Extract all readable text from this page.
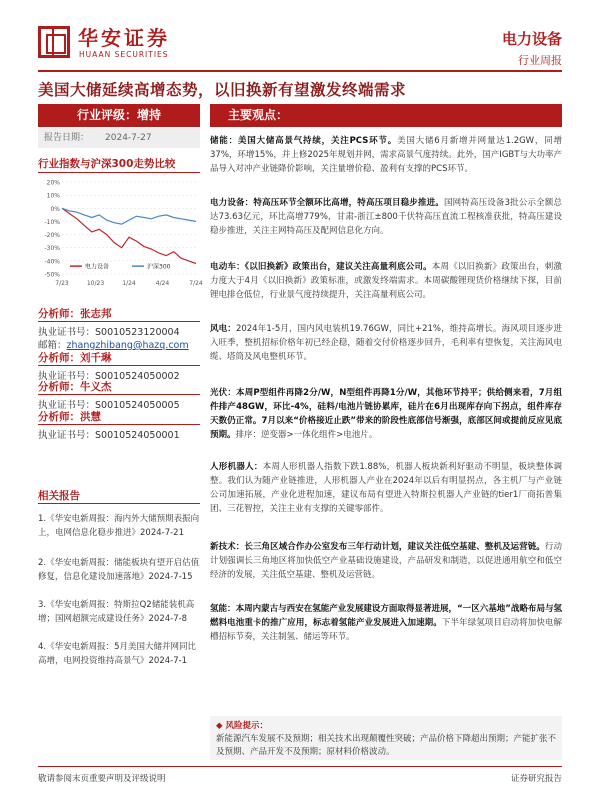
华安证券
HUAAN SECURITIES
电力设备
行业周报
美国大储延续高增态势，以旧换新有望激发终端需求
行业评级：增持
报告日期： 2024-7-27
行业指数与沪深300走势比较
20%
10%
0%
-10%
-20%
-30%
-40%
-50%
7/23	10/23	1/24	4/24	7/24
电力设备	沪深300
分析师：张志邦
执业证书号：S0010523120004
邮箱：zhangzhibang@hazq.com
分析师：刘千琳
执业证书号：S0010524050002
分析师：牛义杰
执业证书号：S0010524050005
分析师：洪慧
执业证书号：S0010524050001
相关报告
1.《华安电新周报：海内外大储预期表振向上，电网信息化稳步推进》2024-7-21
2.《华安电新周报：储能板块有望开启估值修复，信息化建设加速落地》2024-7-15
3.《华安电新周报：特斯拉Q2储能装机高增；国网超额完成建设任务》2024-7-8
4.《华安电新周报：5月美国大储并网同比高增，电网投资维持高景气》2024-7-1
主要观点：
储能：美国大储高景气持续，关注PCS环节。美国大储6月新增并网量达1.2GW，同增37%，环增15%，并上修2025年规划并网，需求高景气度持续。此外，国产IGBT与大功率产品导入对冲产业链降价影响，关注量增价稳、盈利有支撑的PCS环节。
电力设备：特高压环节全额环比高增，特高压项目稳步推进。国网特高压设备3批公示全额总达73.63亿元，环比高增779%，甘肃-浙江±800千伏特高压直流工程核准获批，特高压建设稳步推进，关注主网特高压及配网信息化方向。
电动车：《以旧换新》政策出台，建议关注高量利底公司。本周《以旧换新》政策出台，刺激力度大于4月《以旧换新》政策标准，或激发终端需求。本周碳酸锂现货价格继续下探，目前锂电排仓低位，行业景气度持续提升，关注高量利底公司。
风电：2024年1-5月，国内风电装机19.76GW，同比+21%，维持高增长。海风项目逐步进入旺季，整机招标价格年初已经企稳，随着交付价格逐步回升，毛利率有望恢复，关注海风电缆、塔筒及风电整机环节。
光伏：本周P型组件再降2分/W，N型组件再降1分/W，其他环节持平；供给侧来看，7月组件排产48GW，环比-4%，硅料/电池片链协累库，硅片在6月出现库存向下拐点，组件库存天数仍正常。7月以来“价格接近止跌”带来的阶段性底部信号渐强，底部区间或提前反应见底预期。排序：逆变器>一体化组件>电池片。
人形机器人：本周人形机器人指数下跌1.88%，机器人板块新利好驱动不明显，板块整体调整。我们认为随产业链推进，人形机器人产业在2024年以后有明显拐点，各主机厂与产业链公司加速拓展，产业化进程加速，建议布局有望进入特斯拉机器人产业链的tier1厂商拓普集团、三花智控，关注主业有支撑的关键零部件。
新技术：长三角区域合作办公室发布三年行动计划，建议关注低空基建、整机及运营链。行动计划强调长三角地区将加快低空产业基础设施建设，产品研发和制造，以促进通用航空和低空经济的发展，关注低空基建、整机及运营链。
氢能：本周内蒙古与西安在氢能产业发展建设方面取得显著进展，“一区六基地”战略布局与氢燃料电池重卡的推广应用，标志着氢能产业发展进入加速期。下半年绿氢项目启动将加快电解槽招标节奏，关注制氢、储运等环节。
◆ 风险提示：
新能源汽车发展不及预期；相关技术出现颠覆性突破；产品价格下降超出预期；产能扩张不及预期、产品开发不及预期；原材料价格波动。
敬请参阅末页重要声明及评级说明	证券研究报告
